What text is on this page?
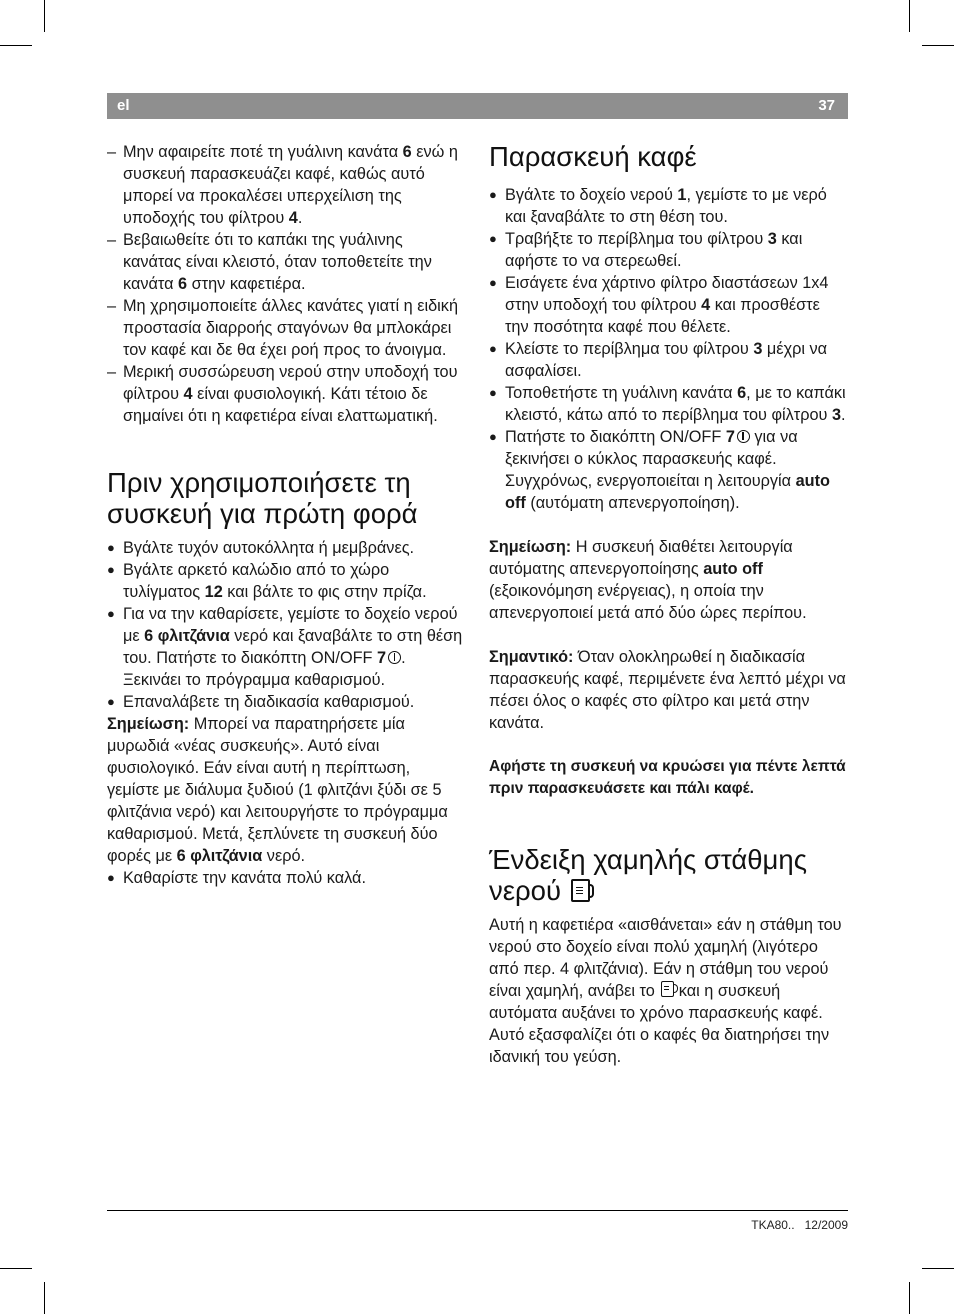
el	37
– Μην αφαιρείτε ποτέ τη γυάλινη κανάτα 6 ενώ η συσκευή παρασκευάζει καφέ, καθώς αυτό μπορεί να προκαλέσει υπερχείλιση της υποδοχής του φίλτρου 4.
– Βεβαιωθείτε ότι το καπάκι της γυάλινης κανάτας είναι κλειστό, όταν τοποθετείτε την κανάτα 6 στην καφετιέρα.
– Μη χρησιμοποιείτε άλλες κανάτες γιατί η ειδική προστασία διαρροής σταγόνων θα μπλοκάρει τον καφέ και δε θα έχει ροή προς το άνοιγμα.
– Μερική συσσώρευση νερού στην υποδοχή του φίλτρου 4 είναι φυσιολογική. Κάτι τέτοιο δε σημαίνει ότι η καφετιέρα είναι ελαττωματική.
Πριν χρησιμοποιήσετε τη συσκευή για πρώτη φορά
● Βγάλτε τυχόν αυτοκόλλητα ή μεμβράνες.
● Βγάλτε αρκετό καλώδιο από το χώρο τυλίγματος 12 και βάλτε το φις στην πρίζα.
● Για να την καθαρίσετε, γεμίστε το δοχείο νερού με 6 φλιτζάνια νερό και ξαναβάλτε το στη θέση του. Πατήστε το διακόπτη ON/OFF 7 . Ξεκινάει το πρόγραμμα καθαρισμού.
● Επαναλάβετε τη διαδικασία καθαρισμού.
Σημείωση: Μπορεί να παρατηρήσετε μία μυρωδιά «νέας συσκευής». Αυτό είναι φυσιολογικό. Εάν είναι αυτή η περίπτωση, γεμίστε με διάλυμα ξυδιού (1 φλιτζάνι ξύδι σε 5 φλιτζάνια νερό) και λειτουργήστε το πρόγραμμα καθαρισμού. Μετά, ξεπλύνετε τη συσκευή δύο φορές με 6 φλιτζάνια νερό.
● Καθαρίστε την κανάτα πολύ καλά.
Παρασκευή καφέ
● Βγάλτε το δοχείο νερού 1, γεμίστε το με νερό και ξαναβάλτε το στη θέση του.
● Τραβήξτε το περίβλημα του φίλτρου 3 και αφήστε το να στερεωθεί.
● Εισάγετε ένα χάρτινο φίλτρο διαστάσεων 1x4 στην υποδοχή του φίλτρου 4 και προσθέστε την ποσότητα καφέ που θέλετε.
● Κλείστε το περίβλημα του φίλτρου 3 μέχρι να ασφαλίσει.
● Τοποθετήστε τη γυάλινη κανάτα 6, με το καπάκι κλειστό, κάτω από το περίβλημα του φίλτρου 3.
● Πατήστε το διακόπτη ON/OFF 7 για να ξεκινήσει ο κύκλος παρασκευής καφέ. Συγχρόνως, ενεργοποιείται η λειτουργία auto off (αυτόματη απενεργοποίηση).
Σημείωση: Η συσκευή διαθέτει λειτουργία αυτόματης απενεργοποίησης auto off (εξοικονόμηση ενέργειας), η οποία την απενεργοποιεί μετά από δύο ώρες περίπου.
Σημαντικό: Όταν ολοκληρωθεί η διαδικασία παρασκευής καφέ, περιμένετε ένα λεπτό μέχρι να πέσει όλος ο καφές στο φίλτρο και μετά στην κανάτα.
Αφήστε τη συσκευή να κρυώσει για πέντε λεπτά πριν παρασκευάσετε και πάλι καφέ.
Ένδειξη χαμηλής στάθμης νερού
Αυτή η καφετιέρα «αισθάνεται» εάν η στάθμη του νερού στο δοχείο είναι πολύ χαμηλή (λιγότερο από περ. 4 φλιτζάνια). Εάν η στάθμη του νερού είναι χαμηλή, ανάβει το  και η συσκευή αυτόματα αυξάνει το χρόνο παρασκευής καφέ. Αυτό εξασφαλίζει ότι ο καφές θα διατηρήσει την ιδανική του γεύση.
TKA80.. 12/2009
